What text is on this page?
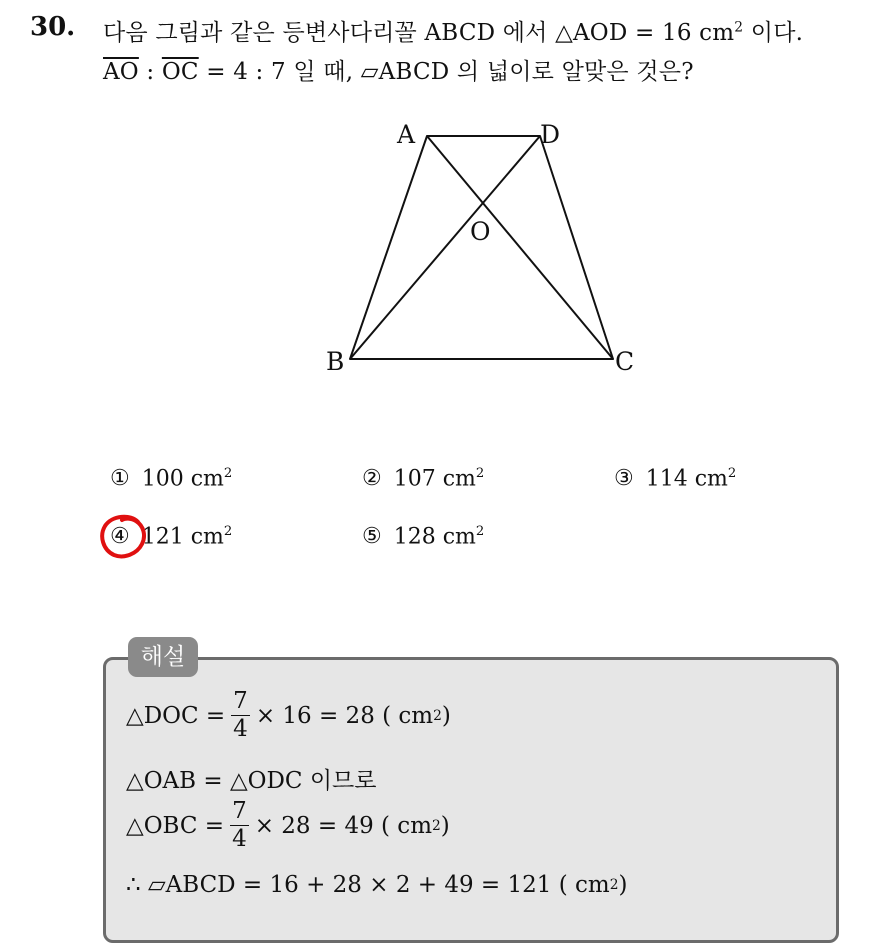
30. 다음 그림과 같은 등변사다리꼴 ABCD 에서 △AOD = 16 $cm^2$ 이다.
$\overline{AO}$ : $\overline{OC} = 4$ : 7 일 때, ▱ABCD 의 넓이로 알맞은 것은?
A	D
O
B	C
① 100 $cm^2$	② 107 $cm^2$	③ 114 $cm^2$
④ 121 $cm^2$	⑤ 128 $cm^2$
해설
△DOC = $\frac{7}{4} \times 16 = 28$ ( cm 2 )
△OAB = △ODC 이므로
△OBC = $\frac{7}{4} \times 28 = 49$ ( cm 2 )
∴ ▱ABCD = 16 + 28 × 2 + 49 = 121 ( cm 2 )
